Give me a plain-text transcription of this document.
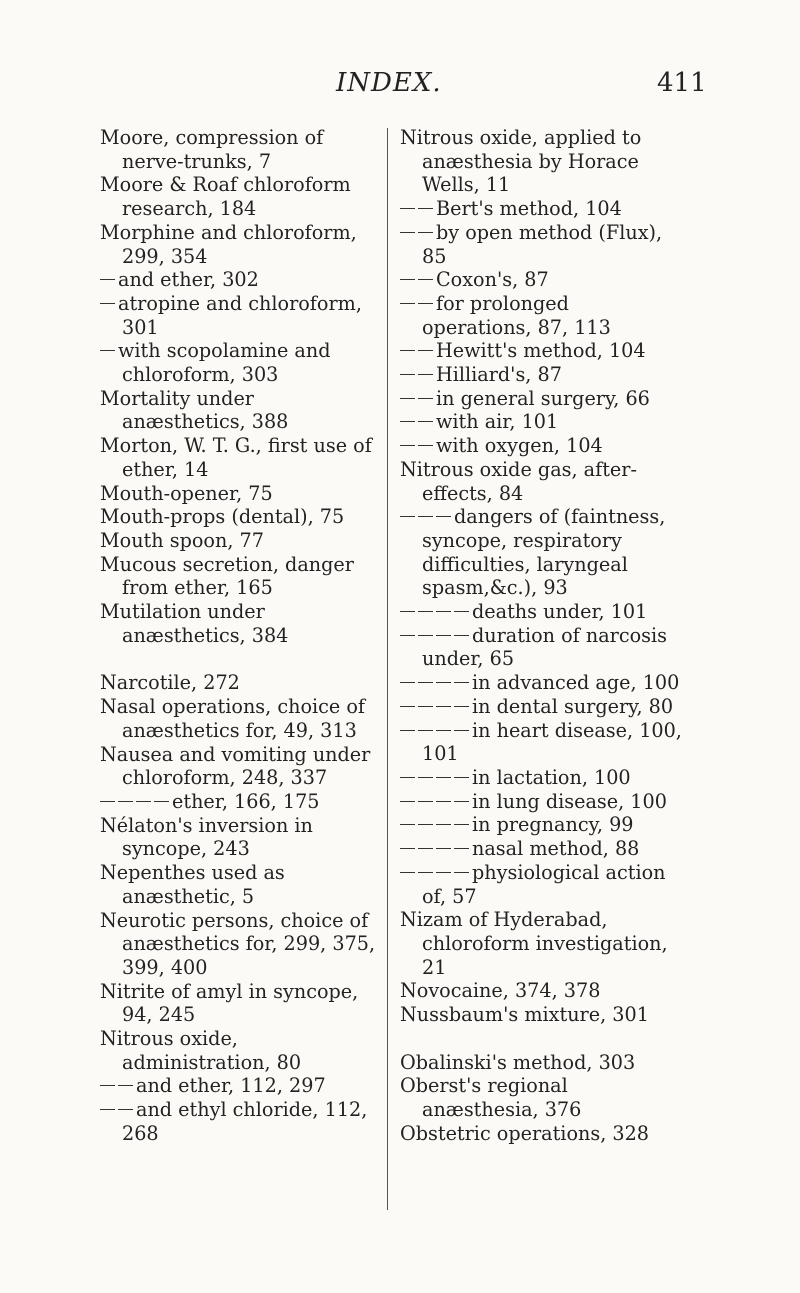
INDEX.	411

Moore, compression of nerve-trunks, 7

Moore & Roaf chloroform research, 184

Morphine and chloroform, 299, 354

and ether, 302

atropine and chloroform, 301

with scopolamine and chloroform, 303

Mortality under anæsthetics, 388

Morton, W. T. G., first use of ether, 14

Mouth-opener, 75

Mouth-props (dental), 75

Mouth spoon, 77

Mucous secretion, danger from ether, 165

Mutilation under anæsthetics, 384

Narcotile, 272

Nasal operations, choice of anæsthetics for, 49, 313

Nausea and vomiting under chloroform, 248, 337

ether, 166, 175

Nélaton's inversion in syncope, 243

Nepenthes used as anæsthetic, 5

Neurotic persons, choice of anæsthetics for, 299, 375, 399, 400

Nitrite of amyl in syncope, 94, 245

Nitrous oxide, administration, 80

and ether, 112, 297

and ethyl chloride, 112, 268

Nitrous oxide, applied to anæsthesia by Horace Wells, 11

Bert's method, 104

by open method (Flux), 85

Coxon's, 87

for prolonged operations, 87, 113

Hewitt's method, 104

Hilliard's, 87

in general surgery, 66

with air, 101

with oxygen, 104

Nitrous oxide gas, after-effects, 84

dangers of (faintness, syncope, respiratory difficulties, laryngeal spasm,&c.), 93

deaths under, 101

duration of narcosis under, 65

in advanced age, 100

in dental surgery, 80

in heart disease, 100, 101

in lactation, 100

in lung disease, 100

in pregnancy, 99

nasal method, 88

physiological action of, 57

Nizam of Hyderabad, chloroform investigation, 21

Novocaine, 374, 378

Nussbaum's mixture, 301

Obalinski's method, 303

Oberst's regional anæsthesia, 376

Obstetric operations, 328
